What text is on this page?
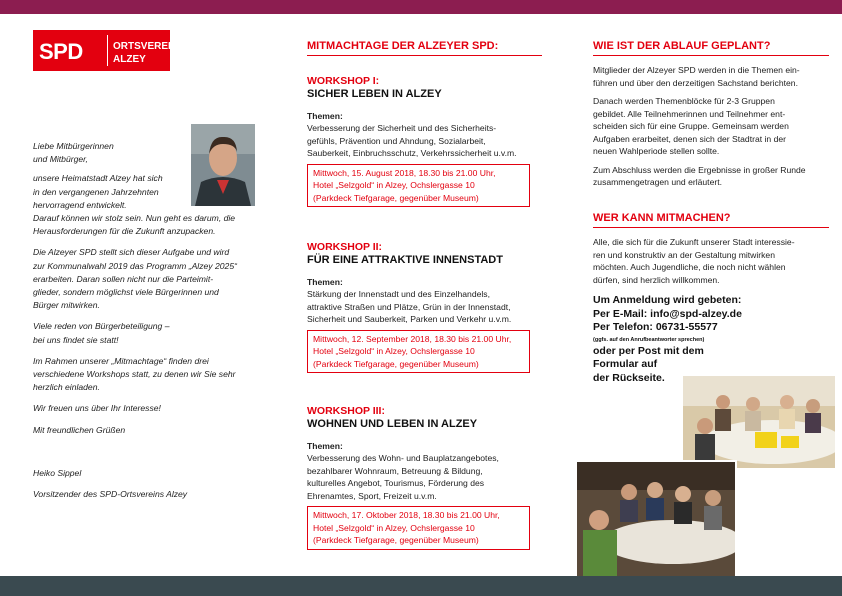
SPD	ORTSVEREIN
ALZEY

Liebe Mitbürgerinnen
und Mitbürger,

unsere Heimatstadt Alzey hat sich
in den vergangenen Jahrzehnten
hervorragend entwickelt.
Darauf können wir stolz sein. Nun geht es darum, die
Herausforderungen für die Zukunft anzupacken.

Die Alzeyer SPD stellt sich dieser Aufgabe und wird
zur Kommunalwahl 2019 das Programm „Alzey 2025“
erarbeiten. Daran sollen nicht nur die Parteimit-
glieder, sondern möglichst viele Bürgerinnen und
Bürger mitwirken.

Viele reden von Bürgerbeteiligung –
bei uns findet sie statt!

Im Rahmen unserer „Mitmachtage“ finden drei
verschiedene Workshops statt, zu denen wir Sie sehr
herzlich einladen.

Wir freuen uns über Ihr Interesse!

Mit freundlichen Grüßen

Heiko Sippel

Vorsitzender des SPD-Ortsvereins Alzey

MITMACHTAGE DER ALZEYER SPD:
WORKSHOP I:
SICHER LEBEN IN ALZEY
Themen:
Verbesserung der Sicherheit und des Sicherheits-
gefühls, Prävention und Ahndung, Sozialarbeit,
Sauberkeit, Einbruchsschutz, Verkehrssicherheit u.v.m.
Mittwoch, 15. August 2018, 18.30 bis 21.00 Uhr,
Hotel „Selzgold“ in Alzey, Ochslergasse 10
(Parkdeck Tiefgarage, gegenüber Museum)
WORKSHOP II:
FÜR EINE ATTRAKTIVE INNENSTADT
Themen:
Stärkung der Innenstadt und des Einzelhandels,
attraktive Straßen und Plätze, Grün in der Innenstadt,
Sicherheit und Sauberkeit, Parken und Verkehr u.v.m.
Mittwoch, 12. September 2018, 18.30 bis 21.00 Uhr,
Hotel „Selzgold“ in Alzey, Ochslergasse 10
(Parkdeck Tiefgarage, gegenüber Museum)
WORKSHOP III:
WOHNEN UND LEBEN IN ALZEY
Themen:
Verbesserung des Wohn- und Bauplatzangebotes,
bezahlbarer Wohnraum, Betreuung & Bildung,
kulturelles Angebot, Tourismus, Förderung des
Ehrenamtes, Sport, Freizeit u.v.m.
Mittwoch, 17. Oktober 2018, 18.30 bis 21.00 Uhr,
Hotel „Selzgold“ in Alzey, Ochslergasse 10
(Parkdeck Tiefgarage, gegenüber Museum)
WIE IST DER ABLAUF GEPLANT?

Mitglieder der Alzeyer SPD werden in die Themen ein-
führen und über den derzeitigen Sachstand berichten.

Danach werden Themenblöcke für 2-3 Gruppen
gebildet. Alle Teilnehmerinnen und Teilnehmer ent-
scheiden sich für eine Gruppe. Gemeinsam werden
Aufgaben erarbeitet, denen sich der Stadtrat in der
neuen Wahlperiode stellen sollte.

Zum Abschluss werden die Ergebnisse in großer Runde
zusammengetragen und erläutert.

WER KANN MITMACHEN?

Alle, die sich für die Zukunft unserer Stadt interessie-
ren und konstruktiv an der Gestaltung mitwirken
möchten. Auch Jugendliche, die noch nicht wählen
dürfen, sind herzlich willkommen.

Um Anmeldung wird gebeten:
Per E-Mail: info@spd-alzey.de
Per Telefon: 06731-55577
(ggfs. auf den Anrufbeantworter sprechen)
oder per Post mit dem
Formular auf
der Rückseite.
